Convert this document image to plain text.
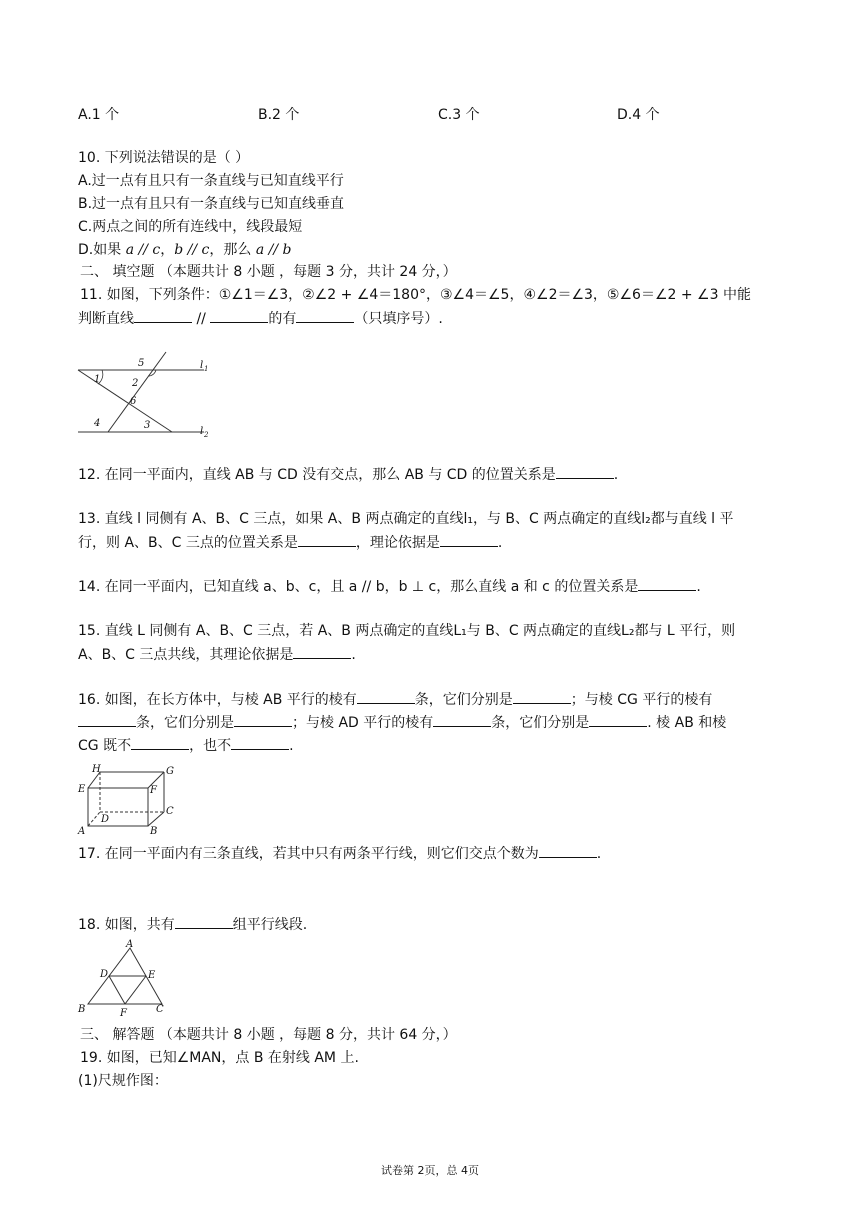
A.1 个	B.2 个	C.3 个	D.4 个
10. 下列说法错误的是（ ）
A.过一点有且只有一条直线与已知直线平行
B.过一点有且只有一条直线与已知直线垂直
C.两点之间的所有连线中，线段最短
D.如果 a // c，b // c，那么 a // b
二、 填空题 （本题共计 8 小题 ，每题 3 分，共计 24 分，）
11. 如图，下列条件：①∠1＝∠3，②∠2 + ∠4＝180°，③∠4＝∠5，④∠2＝∠3，⑤∠6＝∠2 + ∠3 中能
判断直线	//	的有	（只填序号）.
l 1
l 2
1	2
3
4
5
6
12. 在同一平面内，直线 AB 与 CD 没有交点，那么 AB 与 CD 的位置关系是	.
13. 直线 l 同侧有 A、B、C 三点，如果 A、B 两点确定的直线l₁，与 B、C 两点确定的直线l₂都与直线 l 平
行，则 A、B、C 三点的位置关系是	，理论依据是	.
14. 在同一平面内，已知直线 a、b、c，且 a // b，b ⊥ c，那么直线 a 和 c 的位置关系是	.
15. 直线 L 同侧有 A、B、C 三点，若 A、B 两点确定的直线L₁与 B、C 两点确定的直线L₂都与 L 平行，则
A、B、C 三点共线，其理论依据是	.
16. 如图，在长方体中，与棱 AB 平行的棱有	条，它们分别是	；与棱 CG 平行的棱有
条，它们分别是	；与棱 AD 平行的棱有	条，它们分别是	. 棱 AB 和棱
CG 既不	，也不	.
H	G
E	F
C
D
A	B
17. 在同一平面内有三条直线，若其中只有两条平行线，则它们交点个数为	.
18. 如图，共有	组平行线段.
A
D	E
B	C
F
三、 解答题 （本题共计 8 小题 ，每题 8 分，共计 64 分，）
19. 如图，已知∠MAN，点 B 在射线 AM 上.
(1)尺规作图：
试卷第 2页，总 4页
